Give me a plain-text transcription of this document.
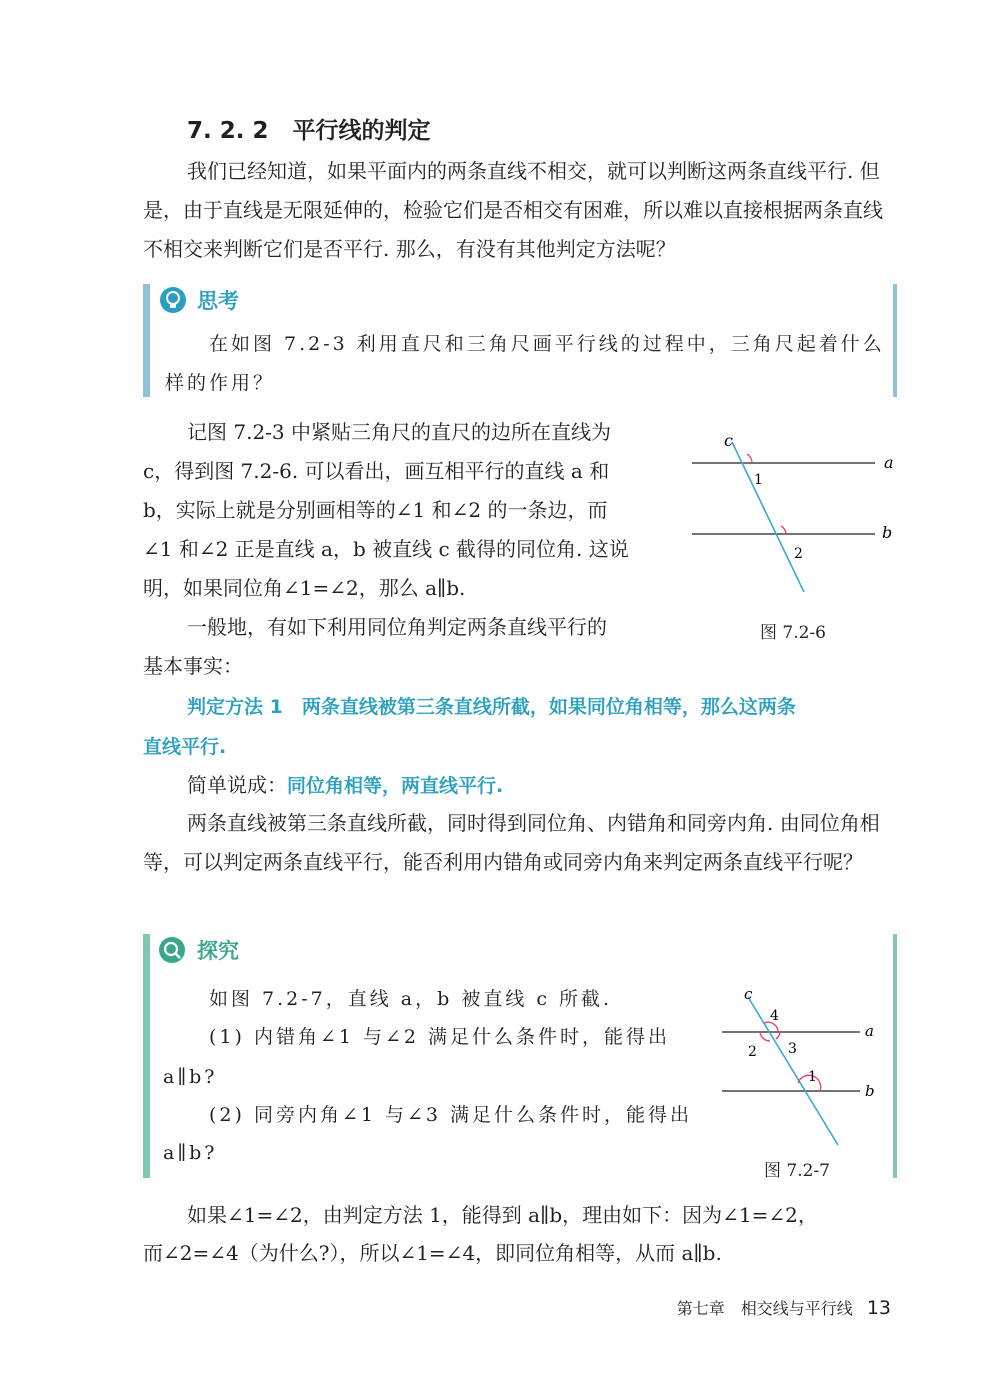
7. 2. 2 平行线的判定

我们已经知道，如果平面内的两条直线不相交，就可以判断这两条直线平行. 但是，由于直线是无限延伸的，检验它们是否相交有困难，所以难以直接根据两条直线不相交来判断它们是否平行. 那么，有没有其他判定方法呢？

思考
在如图 7.2-3 利用直尺和三角尺画平行线的过程中，三角尺起着什么
样的作用？
记图 7.2-3 中紧贴三角尺的直尺的边所在直线为
c，得到图 7.2-6. 可以看出，画互相平行的直线 a 和
b，实际上就是分别画相等的∠1 和∠2 的一条边，而
∠1 和∠2 正是直线 a，b 被直线 c 截得的同位角. 这说
明，如果同位角∠1=∠2，那么 a∥b.
一般地，有如下利用同位角判定两条直线平行的
基本事实：
c
a
b
1
2
图 7.2-6
判定方法 1　 两条直线被第三条直线所截，如果同位角相等，那么这两条
直线平行.
简单说成：同位角相等，两直线平行.

两条直线被第三条直线所截，同时得到同位角、内错角和同旁内角. 由同位角相等，可以判定两条直线平行，能否利用内错角或同旁内角来判定两条直线平行呢？

探究
如图 7.2-7，直线 a，b 被直线 c 所截.
(1) 内错角∠1 与∠2 满足什么条件时，能得出
a∥b?
(2) 同旁内角∠1 与∠3 满足什么条件时，能得出
a∥b?
c
a
b
4
2 3
1
图 7.2-7
如果∠1=∠2，由判定方法 1，能得到 a∥b，理由如下：因为∠1=∠2，
而∠2=∠4（为什么?），所以∠1=∠4，即同位角相等，从而 a∥b.
第七章　相交线与平行线 13
